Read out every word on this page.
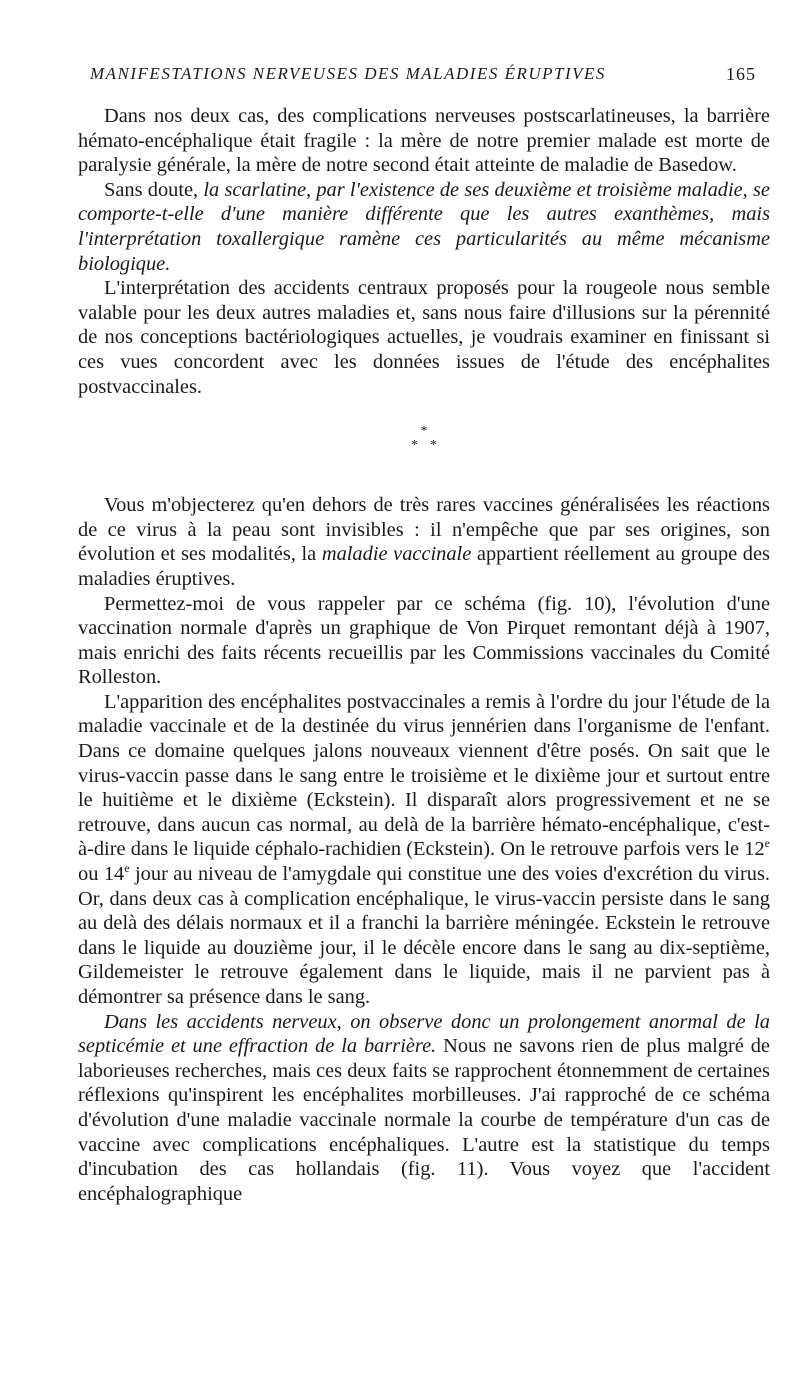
MANIFESTATIONS NERVEUSES DES MALADIES ÉRUPTIVES	165

Dans nos deux cas, des complications nerveuses postscarlatineuses, la barrière hémato-encéphalique était fragile : la mère de notre premier malade est morte de paralysie générale, la mère de notre second était atteinte de maladie de Basedow.

Sans doute, la scarlatine, par l'existence de ses deuxième et troisième maladie, se comporte-t-elle d'une manière différente que les autres exanthèmes, mais l'interprétation toxallergique ramène ces particularités au même mécanisme biologique.

L'interprétation des accidents centraux proposés pour la rougeole nous semble valable pour les deux autres maladies et, sans nous faire d'illusions sur la pérennité de nos conceptions bactériologiques actuelles, je voudrais examiner en finissant si ces vues concordent avec les données issues de l'étude des encéphalites postvaccinales.

*
**

Vous m'objecterez qu'en dehors de très rares vaccines généralisées les réactions de ce virus à la peau sont invisibles : il n'empêche que par ses origines, son évolution et ses modalités, la maladie vaccinale appartient réellement au groupe des maladies éruptives.

Permettez-moi de vous rappeler par ce schéma (fig. 10), l'évolution d'une vaccination normale d'après un graphique de Von Pirquet remontant déjà à 1907, mais enrichi des faits récents recueillis par les Commissions vaccinales du Comité Rolleston.

L'apparition des encéphalites postvaccinales a remis à l'ordre du jour l'étude de la maladie vaccinale et de la destinée du virus jennérien dans l'organisme de l'enfant. Dans ce domaine quelques jalons nouveaux viennent d'être posés. On sait que le virus-vaccin passe dans le sang entre le troisième et le dixième jour et surtout entre le huitième et le dixième (Eckstein). Il disparaît alors progressivement et ne se retrouve, dans aucun cas normal, au delà de la barrière hémato-encéphalique, c'est-à-dire dans le liquide céphalo-rachidien (Eckstein). On le retrouve parfois vers le 12e ou 14e jour au niveau de l'amygdale qui constitue une des voies d'excrétion du virus. Or, dans deux cas à complication encéphalique, le virus-vaccin persiste dans le sang au delà des délais normaux et il a franchi la barrière méningée. Eckstein le retrouve dans le liquide au douzième jour, il le décèle encore dans le sang au dix-septième, Gildemeister le retrouve également dans le liquide, mais il ne parvient pas à démontrer sa présence dans le sang.

Dans les accidents nerveux, on observe donc un prolongement anormal de la septicémie et une effraction de la barrière. Nous ne savons rien de plus malgré de laborieuses recherches, mais ces deux faits se rapprochent étonnemment de certaines réflexions qu'inspirent les encéphalites morbilleuses. J'ai rapproché de ce schéma d'évolution d'une maladie vaccinale normale la courbe de température d'un cas de vaccine avec complications encéphaliques. L'autre est la statistique du temps d'incubation des cas hollandais (fig. 11). Vous voyez que l'accident encéphalographique
